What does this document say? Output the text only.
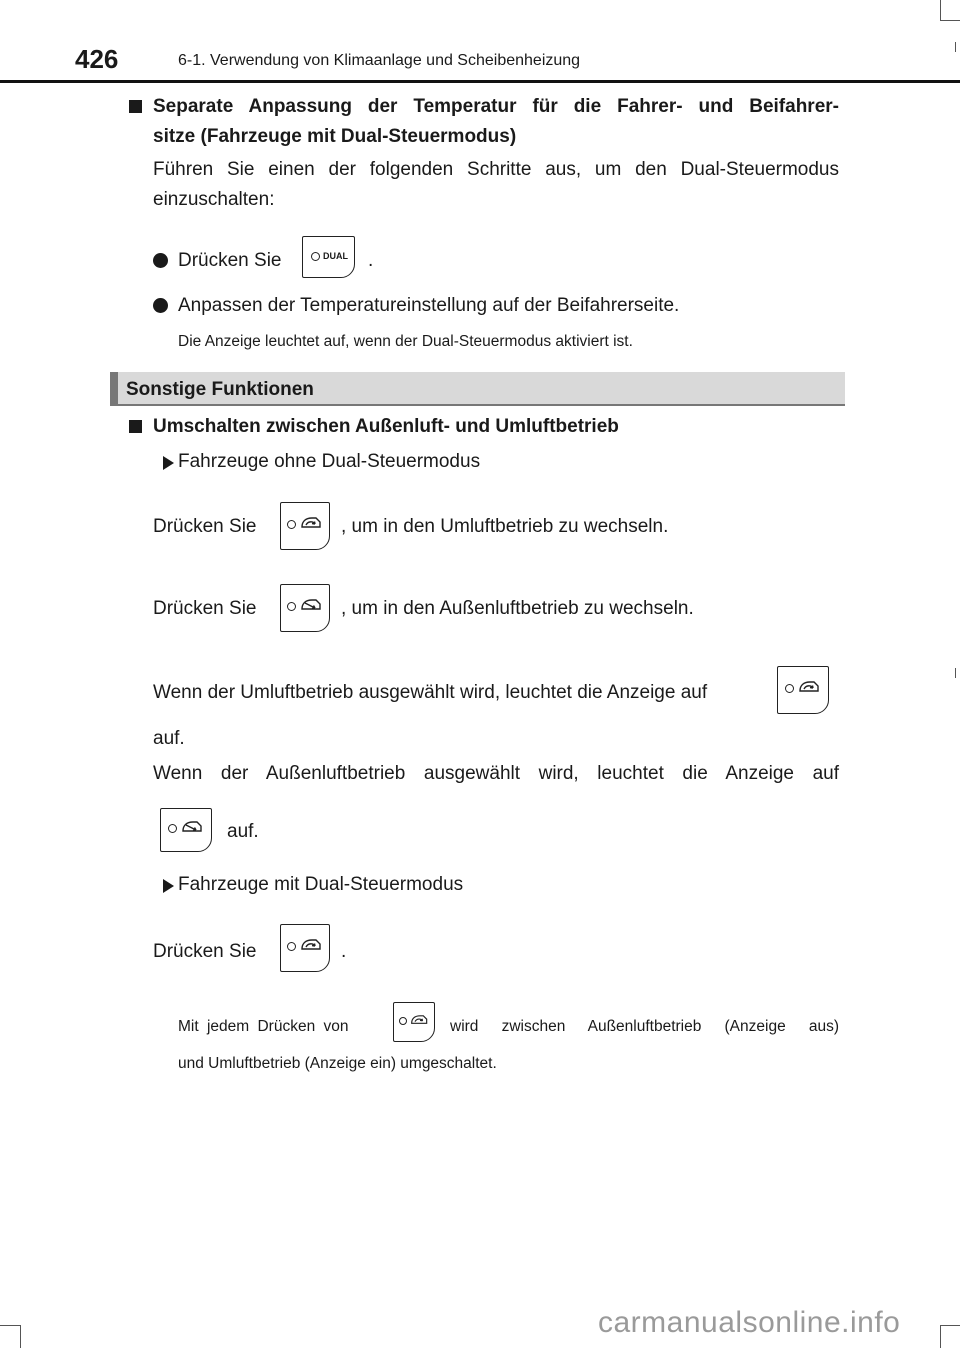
426	6-1. Verwendung von Klimaanlage und Scheibenheizung
Separate Anpassung der Temperatur für die Fahrer- und Beifahrer-
sitze (Fahrzeuge mit Dual-Steuermodus)
Führen Sie einen der folgenden Schritte aus, um den Dual-Steuermodus
einzuschalten:
Drücken Sie	DUAL .
Anpassen der Temperatureinstellung auf der Beifahrerseite.
Die Anzeige leuchtet auf, wenn der Dual-Steuermodus aktiviert ist.
Sonstige Funktionen
Umschalten zwischen Außenluft- und Umluftbetrieb
Fahrzeuge ohne Dual-Steuermodus
Drücken Sie	, um in den Umluftbetrieb zu wechseln.
Drücken Sie	, um in den Außenluftbetrieb zu wechseln.
Wenn der Umluftbetrieb ausgewählt wird, leuchtet die Anzeige auf
auf.
Wenn der Außenluftbetrieb ausgewählt wird, leuchtet die Anzeige auf
auf.
Fahrzeuge mit Dual-Steuermodus
Drücken Sie	.
Mit jedem Drücken von	wird zwischen Außenluftbetrieb (Anzeige aus)
und Umluftbetrieb (Anzeige ein) umgeschaltet.
carmanualsonline.info
